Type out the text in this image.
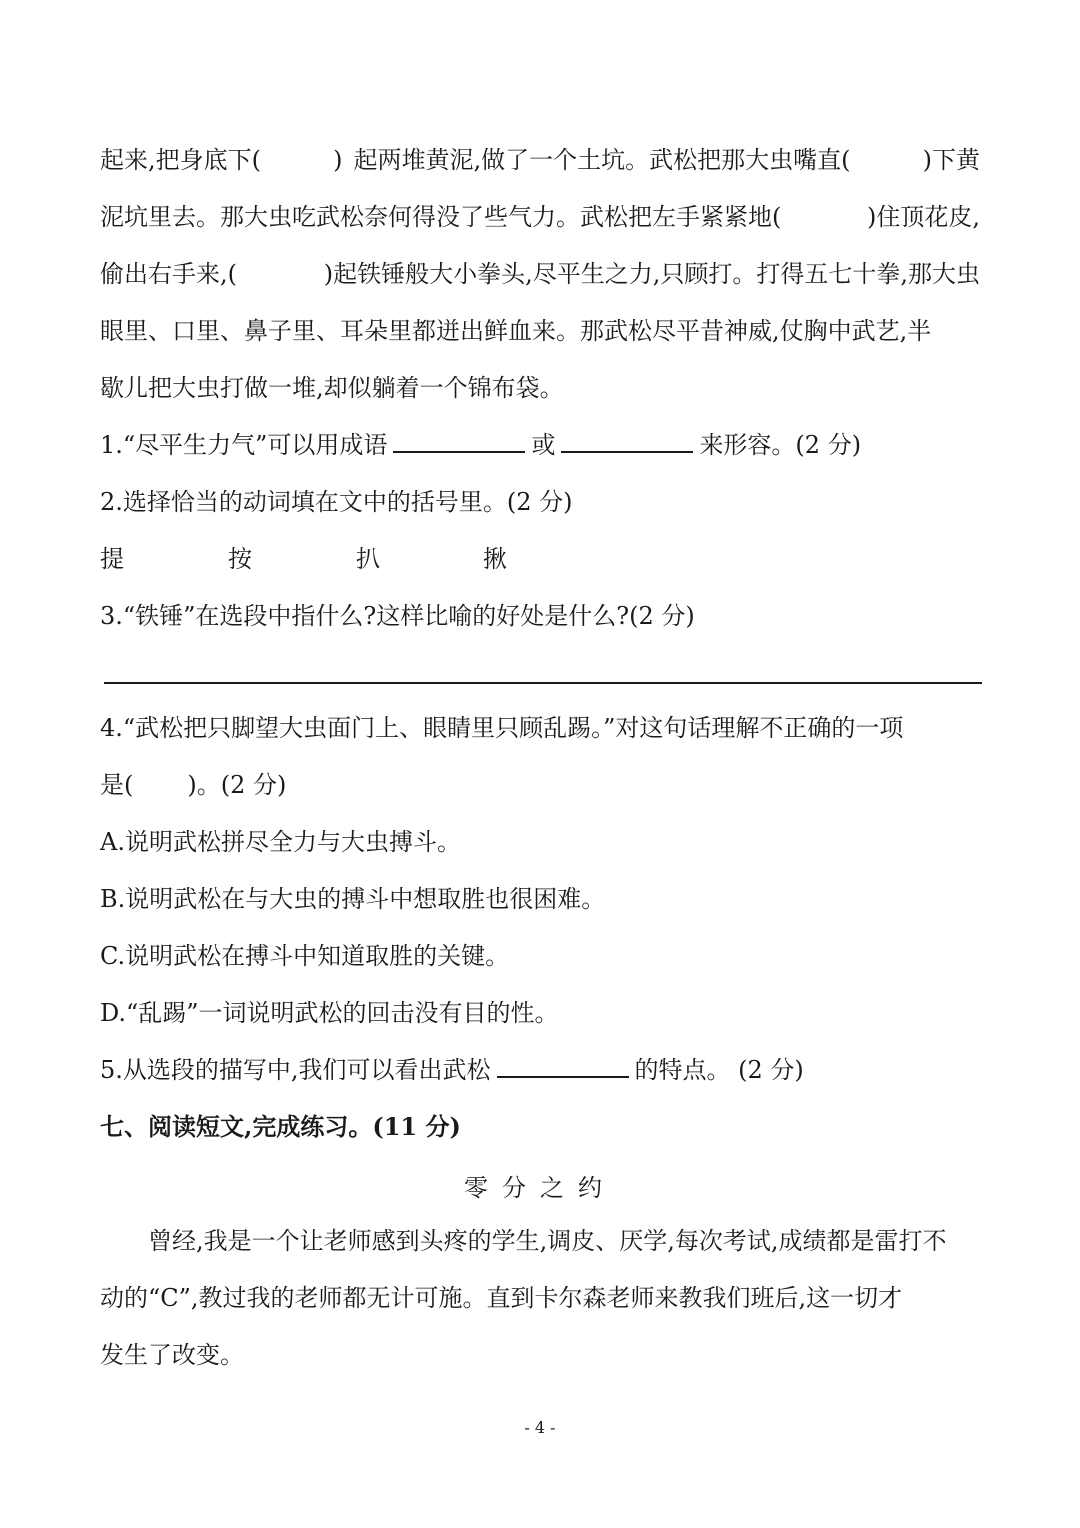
起来,把身底下(	) 起两堆黄泥,做了一个土坑。武松把那大虫嘴直(	)下黄
泥坑里去。那大虫吃武松奈何得没了些气力。武松把左手紧紧地(	)住顶花皮,
偷出右手来,(	)起铁锤般大小拳头,尽平生之力,只顾打。打得五七十拳,那大虫
眼里、口里、鼻子里、耳朵里都迸出鲜血来。那武松尽平昔神威,仗胸中武艺,半
歇儿把大虫打做一堆,却似躺着一个锦布袋。
1.“尽平生力气”可以用成语	或	来形容。(2 分)
2.选择恰当的动词填在文中的括号里。(2 分)
提	按	扒	揪
3.“铁锤”在选段中指什么?这样比喻的好处是什么?(2 分)
4.“武松把只脚望大虫面门上、眼睛里只顾乱踢。”对这句话理解不正确的一项
是( )。(2 分)
A.说明武松拼尽全力与大虫搏斗。
B.说明武松在与大虫的搏斗中想取胜也很困难。
C.说明武松在搏斗中知道取胜的关键。
D.“乱踢”一词说明武松的回击没有目的性。
5.从选段的描写中,我们可以看出武松	的特点。 (2 分)
七、阅读短文,完成练习。(11 分)
零分之约
曾经,我是一个让老师感到头疼的学生,调皮、厌学,每次考试,成绩都是雷打不
动的“C”,教过我的老师都无计可施。直到卡尔森老师来教我们班后,这一切才
发生了改变。
- 4 -
